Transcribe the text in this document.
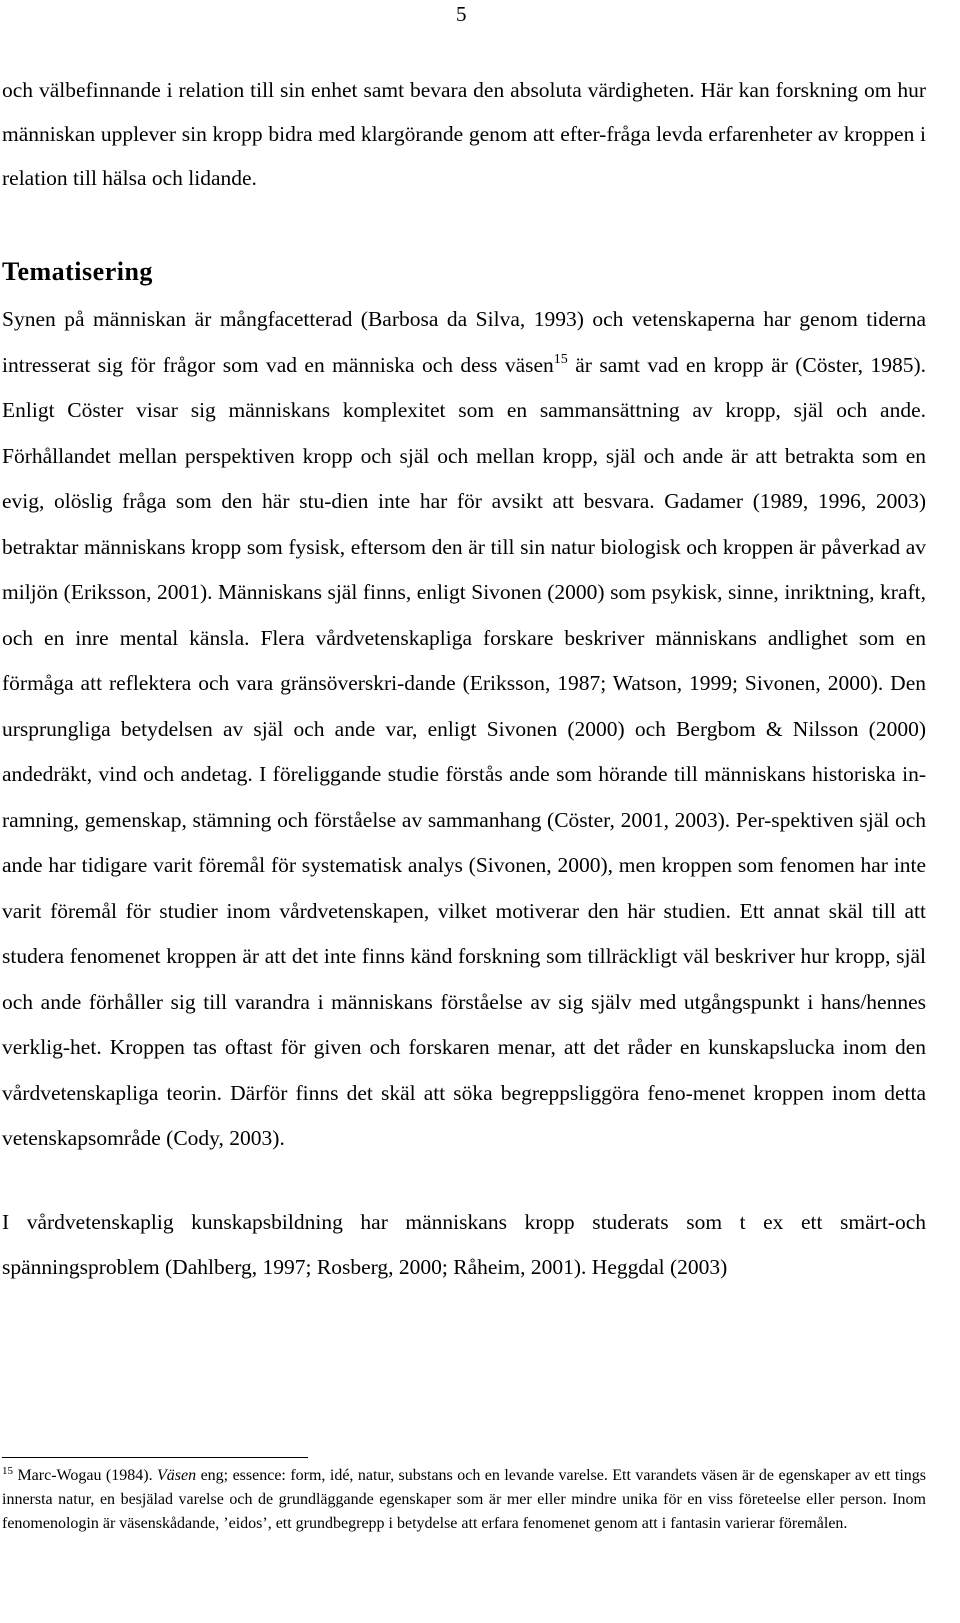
5

och välbefinnande i relation till sin enhet samt bevara den absoluta värdigheten. Här kan forskning om hur människan upplever sin kropp bidra med klargörande genom att efter-fråga levda erfarenheter av kroppen i relation till hälsa och lidande.

Tematisering

Synen på människan är mångfacetterad (Barbosa da Silva, 1993) och vetenskaperna har genom tiderna intresserat sig för frågor som vad en människa och dess väsen$^{15}$ är samt vad en kropp är (Cöster, 1985). Enligt Cöster visar sig människans komplexitet som en sammansättning av kropp, själ och ande. Förhållandet mellan perspektiven kropp och själ och mellan kropp, själ och ande är att betrakta som en evig, olöslig fråga som den här stu-dien inte har för avsikt att besvara. Gadamer (1989, 1996, 2003) betraktar människans kropp som fysisk, eftersom den är till sin natur biologisk och kroppen är påverkad av miljön (Eriksson, 2001). Människans själ finns, enligt Sivonen (2000) som psykisk, sinne, inriktning, kraft, och en inre mental känsla. Flera vårdvetenskapliga forskare beskriver människans andlighet som en förmåga att reflektera och vara gränsöverskri-dande (Eriksson, 1987; Watson, 1999; Sivonen, 2000). Den ursprungliga betydelsen av själ och ande var, enligt Sivonen (2000) och Bergbom & Nilsson (2000) andedräkt, vind och andetag. I föreliggande studie förstås ande som hörande till människans historiska in-ramning, gemenskap, stämning och förståelse av sammanhang (Cöster, 2001, 2003). Per-spektiven själ och ande har tidigare varit föremål för systematisk analys (Sivonen, 2000), men kroppen som fenomen har inte varit föremål för studier inom vårdvetenskapen, vilket motiverar den här studien. Ett annat skäl till att studera fenomenet kroppen är att det inte finns känd forskning som tillräckligt väl beskriver hur kropp, själ och ande förhåller sig till varandra i människans förståelse av sig själv med utgångspunkt i hans/hennes verklig-het. Kroppen tas oftast för given och forskaren menar, att det råder en kunskapslucka inom den vårdvetenskapliga teorin. Därför finns det skäl att söka begreppsliggöra feno-menet kroppen inom detta vetenskapsområde (Cody, 2003).

I vårdvetenskaplig kunskapsbildning har människans kropp studerats som t ex ett smärt-och spänningsproblem (Dahlberg, 1997; Rosberg, 2000; Råheim, 2001). Heggdal (2003)

$^{15}$ Marc-Wogau (1984). Väsen eng; essence: form, idé, natur, substans och en levande varelse. Ett varandets väsen är de egenskaper av ett tings innersta natur, en besjälad varelse och de grundläggande egenskaper som är mer eller mindre unika för en viss företeelse eller person. Inom fenomenologin är väsenskådande, ’eidos’, ett grundbegrepp i betydelse att erfara fenomenet genom att i fantasin varierar föremålen.
